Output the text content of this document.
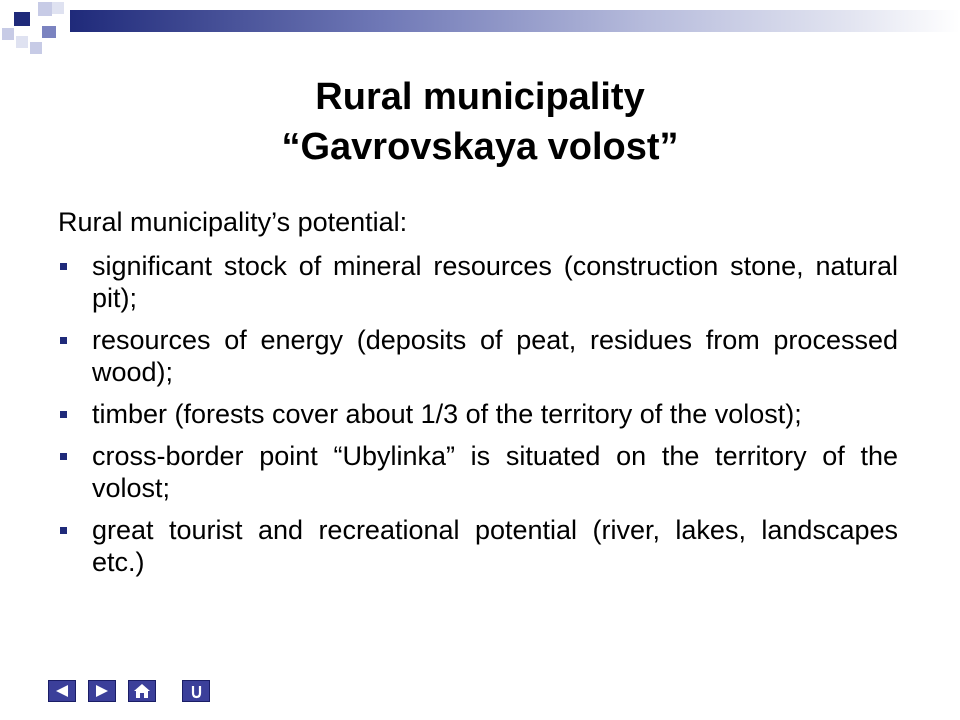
Rural municipality
“Gavrovskaya volost”

Rural municipality’s potential:

significant stock of mineral resources (construction stone, natural pit);
resources of energy (deposits of peat, residues from processed wood);
timber (forests cover about 1/3 of the territory of the volost);
cross-border point “Ubylinka” is situated on the territory of the volost;
great tourist and recreational potential (river, lakes, landscapes etc.)
